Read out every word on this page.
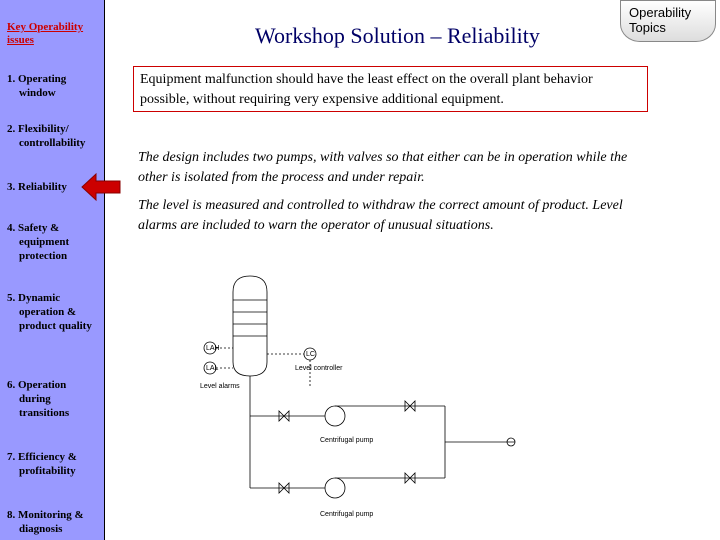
Key Operability issues
1. Operating
window
2. Flexibility/
controllability
3. Reliability
4. Safety &
equipment protection
5. Dynamic
operation & product quality
6. Operation
during transitions
7. Efficiency &
profitability
8. Monitoring &
diagnosis
Workshop Solution – Reliability
Operability Topics
Equipment malfunction should have the least effect on the overall plant behavior possible, without requiring very expensive additional equipment.
The design includes two pumps, with valves so that either can be in operation while the other is isolated from the process and under repair.
The level is measured and controlled to withdraw the correct amount of product. Level alarms are included to warn the operator of unusual situations.
LAH
LAL
LC
Level alarms
Level controller
Centrifugal pump
Centrifugal pump
